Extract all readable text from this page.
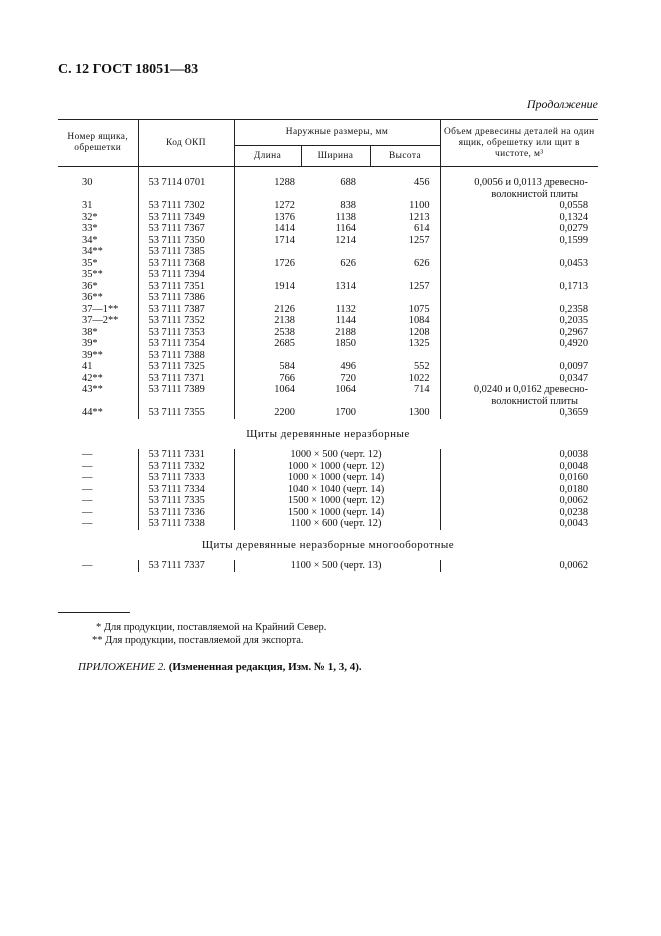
С. 12 ГОСТ 18051—83
Продолжение
Номер ящика, обрешетки	Код ОКП	Наружные размеры, мм			Объем древесины деталей на один ящик, обрешетку или щит в чистоте, м³
		Длина	Ширина	Высота	

30	53 7114 0701	1288	688	456	0,0056 и 0,0113 древесно-
волокнистой плиты

31	53 7111 7302	1272	838	1100	0,0558
32*	53 7111 7349	1376	1138	1213	0,1324
33*	53 7111 7367	1414	1164	614	0,0279
34*	53 7111 7350	1714	1214	1257	0,1599
34**	53 7111 7385				
35*	53 7111 7368	1726	626	626	0,0453
35**	53 7111 7394				
36*	53 7111 7351	1914	1314	1257	0,1713
36**	53 7111 7386				
37—1**	53 7111 7387	2126	1132	1075	0,2358
37—2**	53 7111 7352	2138	1144	1084	0,2035
38*	53 7111 7353	2538	2188	1208	0,2967
39*	53 7111 7354	2685	1850	1325	0,4920
39**	53 7111 7388				
41	53 7111 7325	584	496	552	0,0097
42**	53 7111 7371	766	720	1022	0,0347
43**	53 7111 7389	1064	1064	714	0,0240 и 0,0162 древесно-
волокнистой плиты

44**	53 7111 7355	2200	1700	1300	0,3659
Щиты деревянные неразборные					
—	53 7111 7331	1000 × 500 (черт. 12)			0,0038
—	53 7111 7332	1000 × 1000 (черт. 12)			0,0048
—	53 7111 7333	1000 × 1000 (черт. 14)			0,0160
—	53 7111 7334	1040 × 1040 (черт. 14)			0,0180
—	53 7111 7335	1500 × 1000 (черт. 12)			0,0062
—	53 7111 7336	1500 × 1000 (черт. 14)			0,0238
—	53 7111 7338	1100 × 600 (черт. 12)			0,0043
Щиты деревянные неразборные многооборотные					
—	53 7111 7337	1100 × 500 (черт. 13)			0,0062
* Для продукции, поставляемой на Крайний Север.
** Для продукции, поставляемой для экспорта.
ПРИЛОЖЕНИЕ 2. (Измененная редакция, Изм. № 1, 3, 4).
